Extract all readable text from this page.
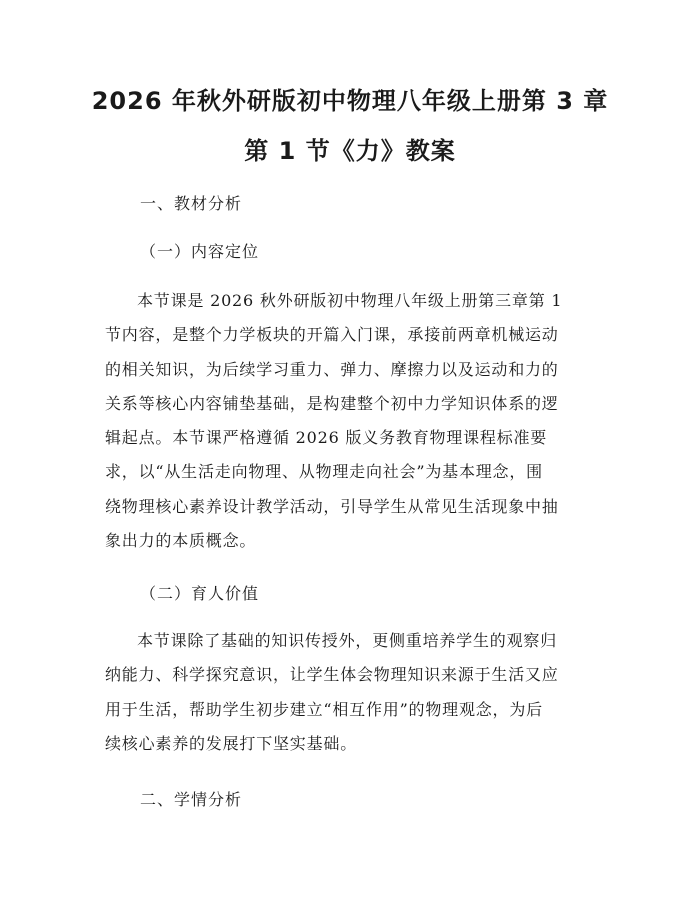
2026 年秋外研版初中物理八年级上册第 3 章
第 1 节《力》教案
一、教材分析
（一）内容定位
本节课是 2026 秋外研版初中物理八年级上册第三章第 1
节内容，是整个力学板块的开篇入门课，承接前两章机械运动
的相关知识，为后续学习重力、弹力、摩擦力以及运动和力的
关系等核心内容铺垫基础，是构建整个初中力学知识体系的逻
辑起点。本节课严格遵循 2026 版义务教育物理课程标准要
求，以“从生活走向物理、从物理走向社会”为基本理念，围
绕物理核心素养设计教学活动，引导学生从常见生活现象中抽
象出力的本质概念。
（二）育人价值
本节课除了基础的知识传授外，更侧重培养学生的观察归
纳能力、科学探究意识，让学生体会物理知识来源于生活又应
用于生活，帮助学生初步建立“相互作用”的物理观念，为后
续核心素养的发展打下坚实基础。
二、学情分析
